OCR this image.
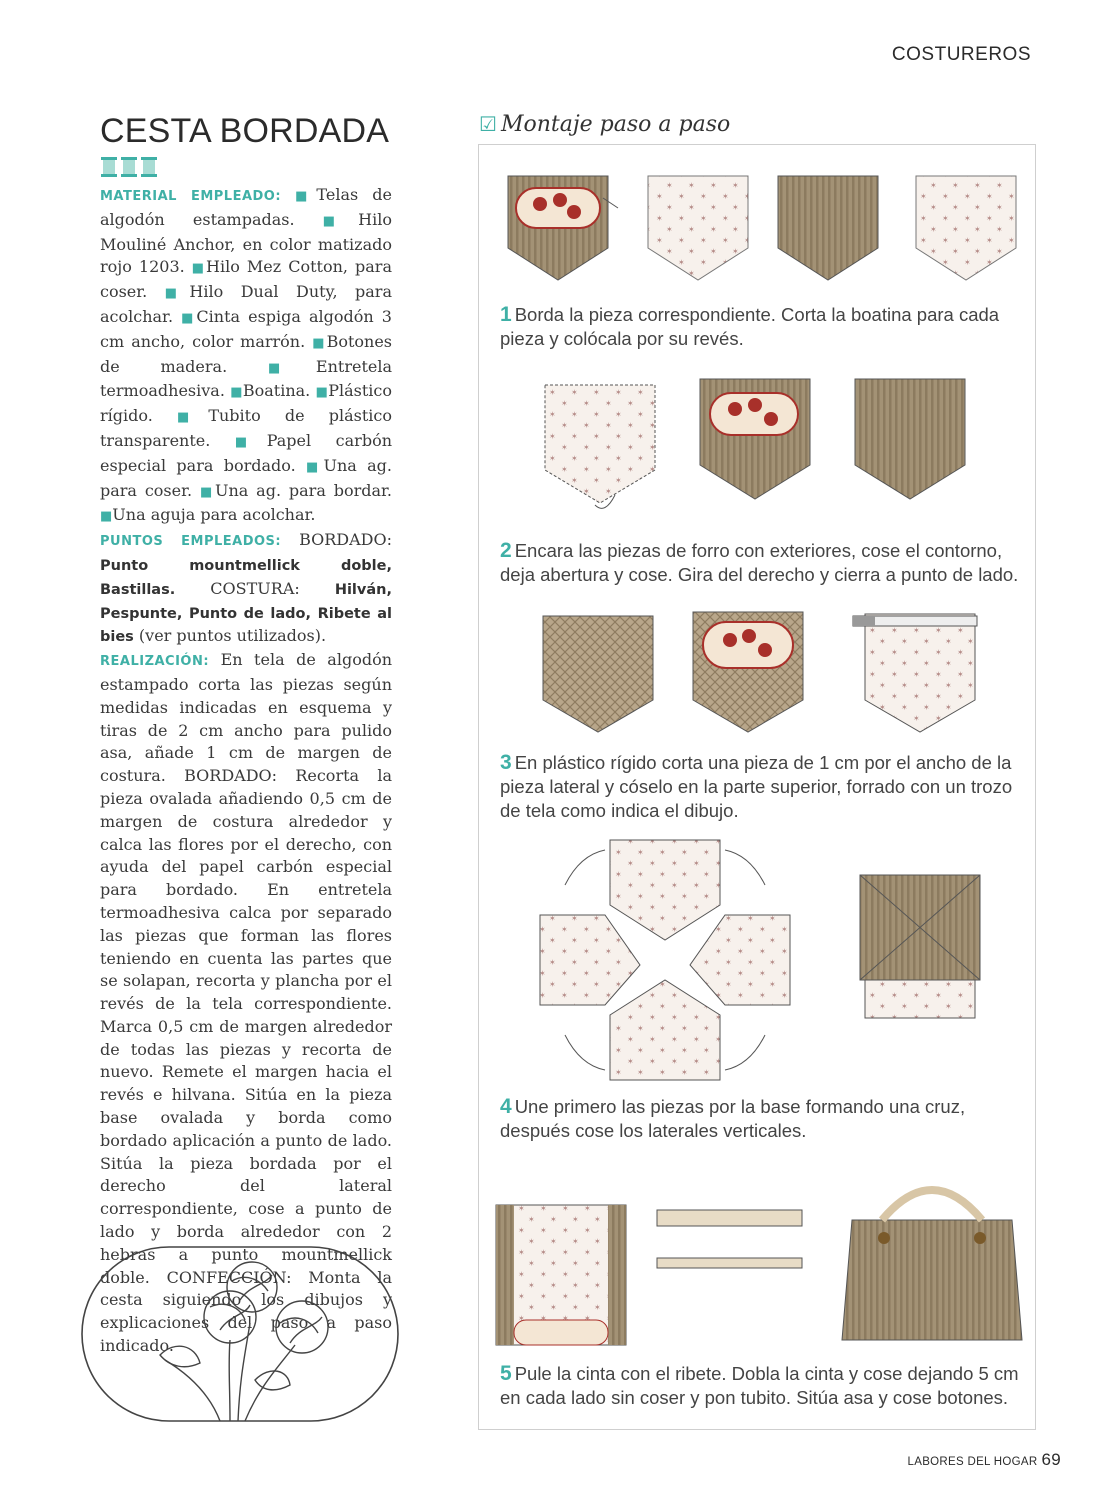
COSTUREROS
CESTA BORDADA

MATERIAL EMPLEADO: ■Telas de algodón estampadas. ■Hilo Mouliné Anchor, en color matizado rojo 1203. ■Hilo Mez Cotton, para coser. ■Hilo Dual Duty, para acolchar. ■Cinta espiga algodón 3 cm ancho, color marrón. ■Botones de madera.	■Entretela termoadhesiva. ■Boatina. ■Plástico rígido. ■Tubito de plástico transparente. ■Papel carbón especial para bordado. ■Una ag. para coser. ■Una ag. para bordar. ■Una aguja para acolchar.

PUNTOS EMPLEADOS: BORDADO: Punto mountmellick doble, Bastillas. COSTURA: Hilván, Pespunte, Punto de lado, Ribete al bies (ver puntos utilizados).

REALIZACIÓN: En tela de algodón estampado corta las piezas según medidas indicadas en esquema y tiras de 2 cm ancho para pulido asa, añade 1 cm de margen de costura. BORDADO: Recorta la pieza ovalada añadiendo 0,5 cm de margen de costura alrededor y calca las flores por el derecho, con ayuda del papel carbón especial para bordado. En entretela termoadhesiva calca por separado las piezas que forman las flores teniendo en cuenta las partes que se solapan, recorta y plancha por el revés de la tela correspondiente. Marca 0,5 cm de margen alrededor de todas las piezas y recorta de nuevo. Remete el margen hacia el revés e hilvana. Sitúa en la pieza base ovalada y borda como bordado aplicación a punto de lado. Sitúa la pieza bordada por el derecho del lateral correspondiente, cose a punto de lado y borda alrededor con 2 hebras a punto mountmellick doble. CONFECCIÓN: Monta la cesta siguiendo los dibujos y explicaciones del paso a paso indicado.

☑ Montaje paso a paso
1 Borda la pieza correspondiente. Corta la boatina para cada pieza y colócala por su revés.
2 Encara las piezas de forro con exteriores, cose el contorno, deja abertura y cose. Gira del derecho y cierra a punto de lado.
3 En plástico rígido corta una pieza de 1 cm por el ancho de la pieza lateral y cóselo en la parte superior, forrado con un trozo de tela como indica el dibujo.
4 Une primero las piezas por la base formando una cruz, después cose los laterales verticales.
5 Pule la cinta con el ribete. Dobla la cinta y cose dejando 5 cm en cada lado sin coser y pon tubito. Sitúa asa y cose botones.
LABORES DEL HOGAR 69
